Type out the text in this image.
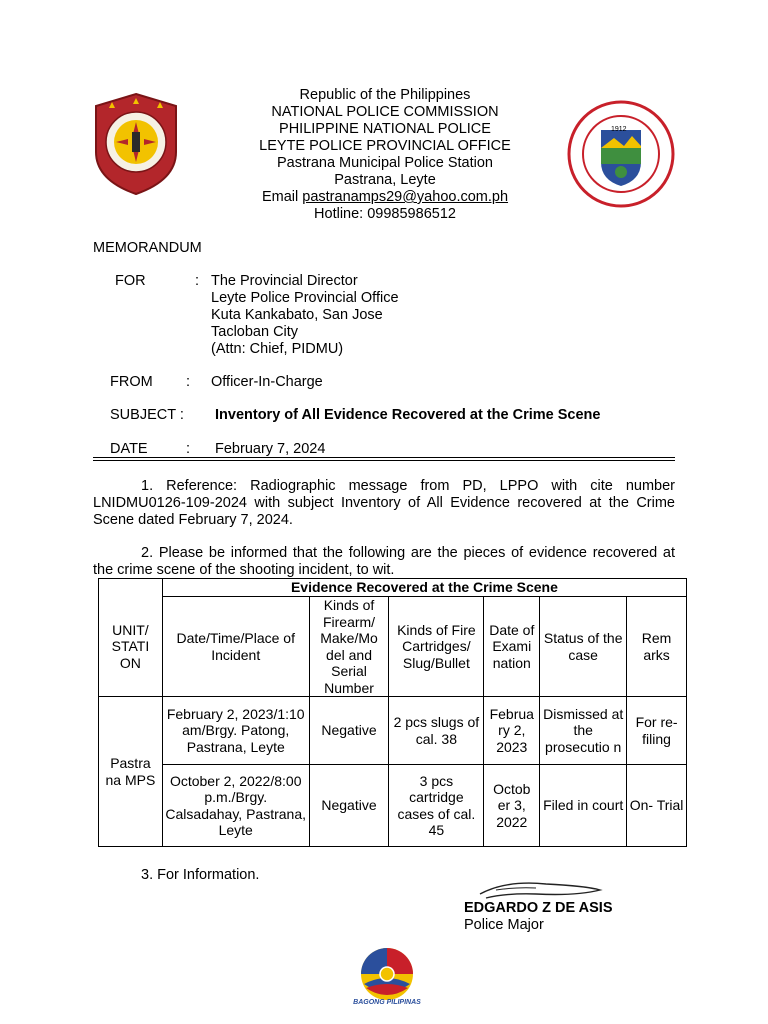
1912
Republic of the Philippines
NATIONAL POLICE COMMISSION
PHILIPPINE NATIONAL POLICE
LEYTE POLICE PROVINCIAL OFFICE
Pastrana Municipal Police Station
Pastrana, Leyte
Email pastranamps29@yahoo.com.ph
Hotline: 09985986512
MEMORANDUM
FOR	: The Provincial Director
Leyte Police Provincial Office
Kuta Kankabato, San Jose
Tacloban City
(Attn: Chief, PIDMU)
FROM : Officer-In-Charge
SUBJECT : Inventory of All Evidence Recovered at the Crime Scene
DATE	: February 7, 2024
1. Reference: Radiographic message from PD, LPPO with cite number LNIDMU0126-109-2024 with subject Inventory of All Evidence recovered at the Crime Scene dated February 7, 2024.
2. Please be informed that the following are the pieces of evidence recovered at the crime scene of the shooting incident, to wit.
	Evidence Recovered at the Crime Scene					
UNIT/ STATI ON	Date/Time/Place of Incident	Kinds of Firearm/ Make/Mo del and Serial Number	Kinds of Fire Cartridges/ Slug/Bullet	Date of Exami nation	Status of the case	Rem arks
Pastra na MPS	February 2, 2023/1:10 am/Brgy. Patong, Pastrana, Leyte	Negative	2 pcs slugs of cal. 38	Februa ry 2, 2023	Dismissed at the prosecutio n	For re- filing
	October 2, 2022/8:00 p.m./Brgy. Calsadahay, Pastrana, Leyte	Negative	3 pcs cartridge cases of cal. 45	Octob er 3, 2022	Filed in court	On- Trial
3. For Information.
EDGARDO Z DE ASIS
Police Major
BAGONG PILIPINAS
